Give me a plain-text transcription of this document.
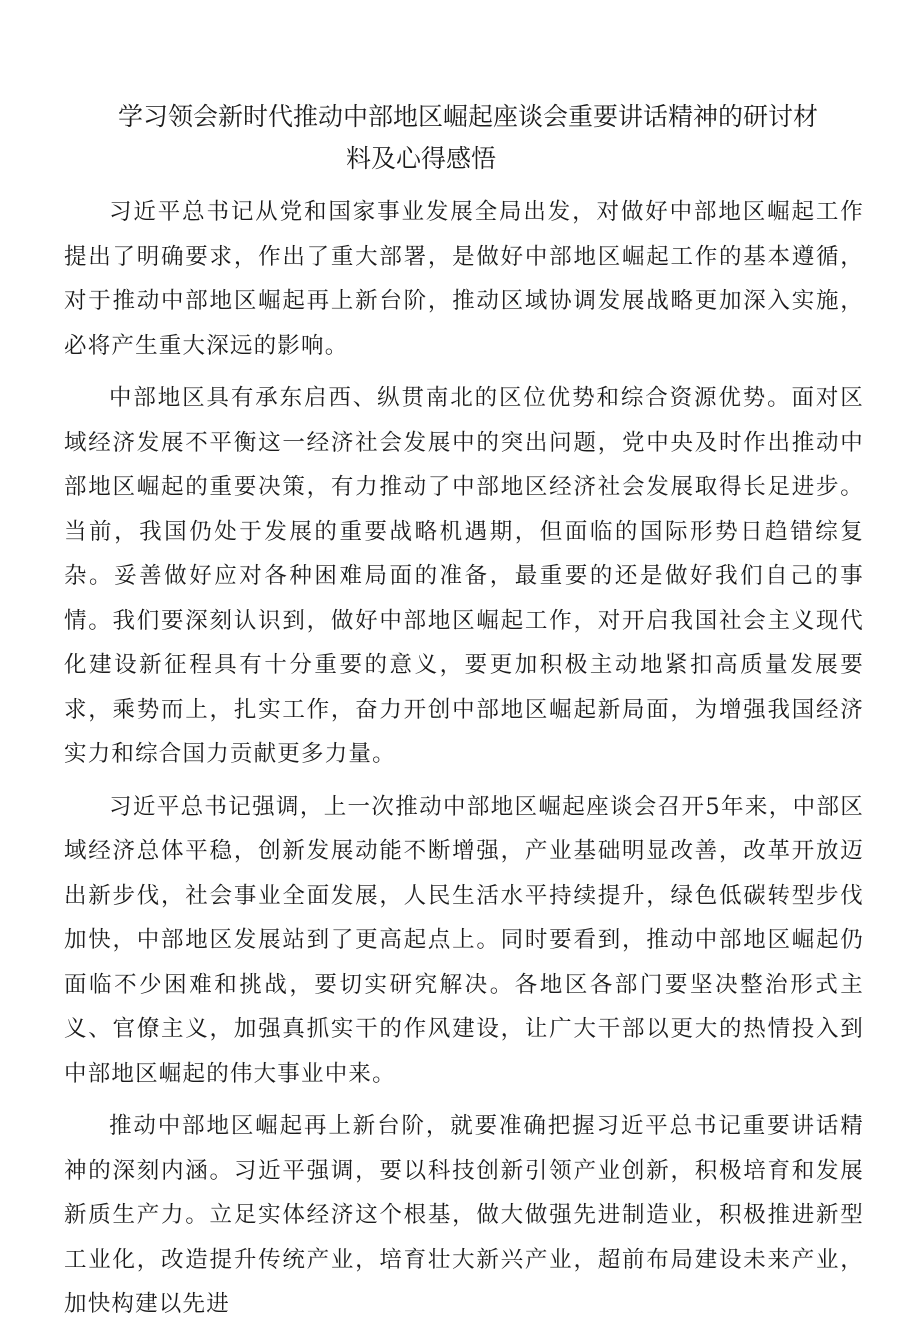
学习领会新时代推动中部地区崛起座谈会重要讲话精神的研讨材
料及心得感悟

习近平总书记从党和国家事业发展全局出发，对做好中部地区崛起工作提出了明确要求，作出了重大部署，是做好中部地区崛起工作的基本遵循，对于推动中部地区崛起再上新台阶，推动区域协调发展战略更加深入实施，必将产生重大深远的影响。

中部地区具有承东启西、纵贯南北的区位优势和综合资源优势。面对区域经济发展不平衡这一经济社会发展中的突出问题，党中央及时作出推动中部地区崛起的重要决策，有力推动了中部地区经济社会发展取得长足进步。当前，我国仍处于发展的重要战略机遇期，但面临的国际形势日趋错综复杂。妥善做好应对各种困难局面的准备，最重要的还是做好我们自己的事情。我们要深刻认识到，做好中部地区崛起工作，对开启我国社会主义现代化建设新征程具有十分重要的意义，要更加积极主动地紧扣高质量发展要求，乘势而上，扎实工作，奋力开创中部地区崛起新局面，为增强我国经济实力和综合国力贡献更多力量。

习近平总书记强调，上一次推动中部地区崛起座谈会召开5年来，中部区域经济总体平稳，创新发展动能不断增强，产业基础明显改善，改革开放迈出新步伐，社会事业全面发展，人民生活水平持续提升，绿色低碳转型步伐加快，中部地区发展站到了更高起点上。同时要看到，推动中部地区崛起仍面临不少困难和挑战，要切实研究解决。各地区各部门要坚决整治形式主义、官僚主义，加强真抓实干的作风建设，让广大干部以更大的热情投入到中部地区崛起的伟大事业中来。

推动中部地区崛起再上新台阶，就要准确把握习近平总书记重要讲话精神的深刻内涵。习近平强调，要以科技创新引领产业创新，积极培育和发展新质生产力。立足实体经济这个根基，做大做强先进制造业，积极推进新型工业化，改造提升传统产业，培育壮大新兴产业，超前布局建设未来产业，加快构建以先进
